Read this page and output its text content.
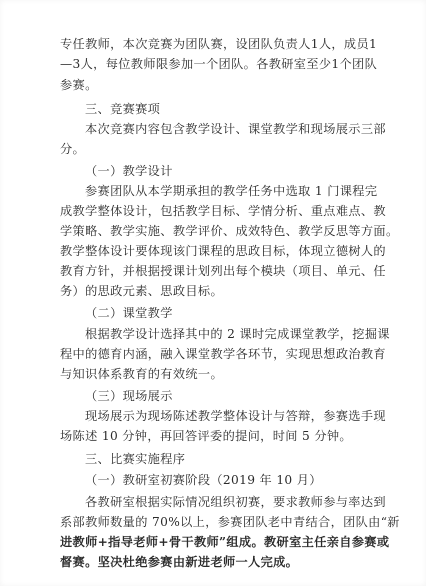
专任教师，本次竞赛为团队赛，设团队负责人1人，成员1
—3人，每位教师限参加一个团队。各教研室至少1个团队
参赛。
三、竞赛赛项
本次竞赛内容包含教学设计、课堂教学和现场展示三部
分。
（一）教学设计
参赛团队从本学期承担的教学任务中选取 1 门课程完
成教学整体设计，包括教学目标、学情分析、重点难点、教
学策略、教学实施、教学评价、成效特色、教学反思等方面。
教学整体设计要体现该门课程的思政目标，体现立德树人的
教育方针，并根据授课计划列出每个模块（项目、单元、任
务）的思政元素、思政目标。
（二）课堂教学
根据教学设计选择其中的 2 课时完成课堂教学，挖掘课
程中的德育内涵，融入课堂教学各环节，实现思想政治教育
与知识体系教育的有效统一。
（三）现场展示
现场展示为现场陈述教学整体设计与答辩，参赛选手现
场陈述 10 分钟，再回答评委的提问，时间 5 分钟。
三、比赛实施程序
（一）教研室初赛阶段（2019 年 10 月）
各教研室根据实际情况组织初赛，要求教师参与率达到
系部教师数量的 70%以上，参赛团队老中青结合，团队由“新
进教师+指导老师+骨干教师”组成。教研室主任亲自参赛或
督赛。坚决杜绝参赛由新进老师一人完成。
